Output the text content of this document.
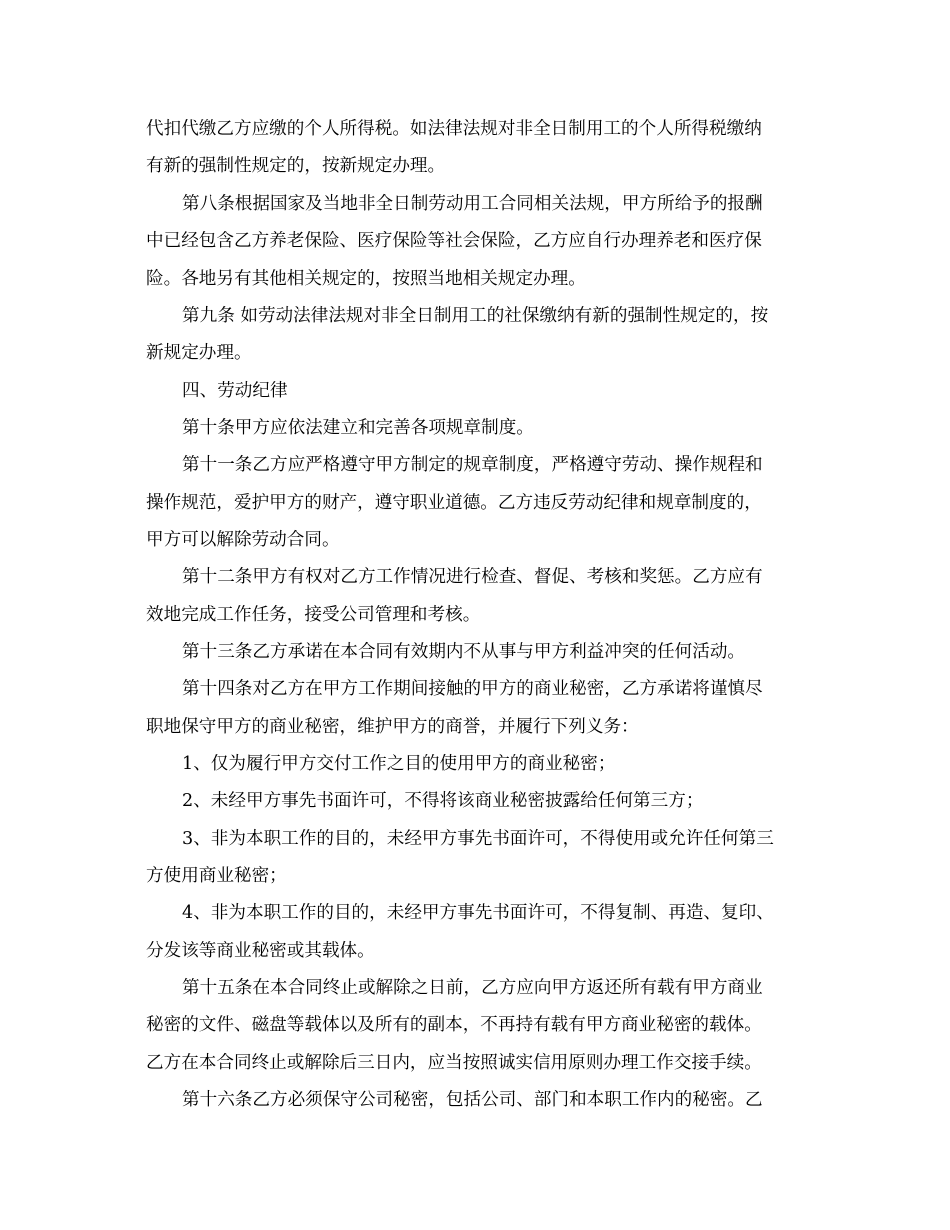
代扣代缴乙方应缴的个人所得税。如法律法规对非全日制用工的个人所得税缴纳
有新的强制性规定的，按新规定办理。
第八条根据国家及当地非全日制劳动用工合同相关法规，甲方所给予的报酬
中已经包含乙方养老保险、医疗保险等社会保险，乙方应自行办理养老和医疗保
险。各地另有其他相关规定的，按照当地相关规定办理。
第九条 如劳动法律法规对非全日制用工的社保缴纳有新的强制性规定的，按
新规定办理。
四、劳动纪律
第十条甲方应依法建立和完善各项规章制度。
第十一条乙方应严格遵守甲方制定的规章制度，严格遵守劳动、操作规程和
操作规范，爱护甲方的财产，遵守职业道德。乙方违反劳动纪律和规章制度的，
甲方可以解除劳动合同。
第十二条甲方有权对乙方工作情况进行检查、督促、考核和奖惩。乙方应有
效地完成工作任务，接受公司管理和考核。
第十三条乙方承诺在本合同有效期内不从事与甲方利益冲突的任何活动。
第十四条对乙方在甲方工作期间接触的甲方的商业秘密，乙方承诺将谨慎尽
职地保守甲方的商业秘密，维护甲方的商誉，并履行下列义务：
1、仅为履行甲方交付工作之目的使用甲方的商业秘密；
2、未经甲方事先书面许可，不得将该商业秘密披露给任何第三方；
3、非为本职工作的目的，未经甲方事先书面许可，不得使用或允许任何第三
方使用商业秘密；
4、非为本职工作的目的，未经甲方事先书面许可，不得复制、再造、复印、
分发该等商业秘密或其载体。
第十五条在本合同终止或解除之日前，乙方应向甲方返还所有载有甲方商业
秘密的文件、磁盘等载体以及所有的副本，不再持有载有甲方商业秘密的载体。
乙方在本合同终止或解除后三日内，应当按照诚实信用原则办理工作交接手续。
第十六条乙方必须保守公司秘密，包括公司、部门和本职工作内的秘密。乙
